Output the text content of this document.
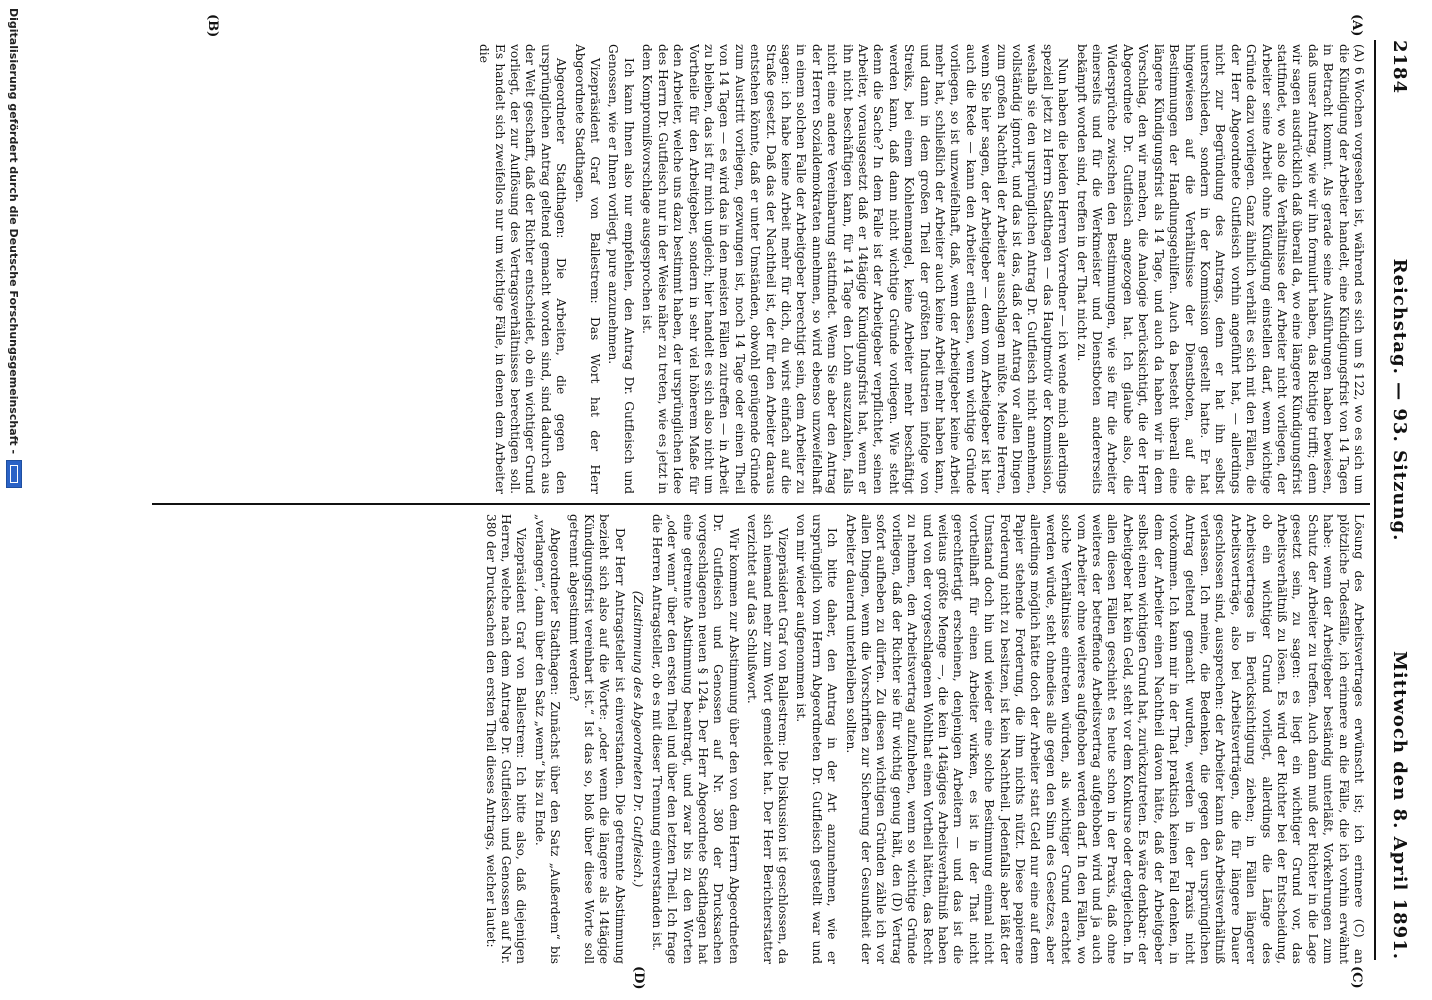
2184
Reichstag. — 93. Sitzung.
Mittwoch den 8. April 1891.
(A)
(B)
(C)
(D)

(A) 6 Wochen vorgesehen ist, während es sich um § 122, wo es sich um die Kündigung der Arbeiter handelt, eine Kündigungsfrist von 14 Tagen in Betracht kommt. Als gerade seine Ausführungen haben bewiesen, daß unser Antrag, wie wir ihn formulirt haben, das Richtige trifft; denn wir sagen ausdrücklich daß überall da, wo eine längere Kündigungsfrist stattfindet, wo also die Verhältnisse der Arbeiter nicht vorliegen, der Arbeiter seine Arbeit ohne Kündigung einstellen darf, wenn wichtige Gründe dazu vorliegen. Ganz ähnlich verhält es sich mit den Fällen, die der Herr Abgeordnete Gutfleisch vorhin angeführt hat, — allerdings nicht zur Begründung des Antrags, denn er hat ihn selbst unterschieden, sondern in der Kommission gestellt hatte. Er hat hingewiesen auf die Verhältnisse der Dienstboten, auf die Bestimmungen der Handlungsgehilfen. Auch da besteht überall eine längere Kündigungsfrist als 14 Tage, und auch da haben wir in dem Vorschlag, den wir machen, die Analogie berücksichtigt, die der Herr Abgeordnete Dr. Gutfleisch angezogen hat. Ich glaube also, die Widersprüche zwischen den Bestimmungen, wie sie für die Arbeiter einerseits und für die Werkmeister und Dienstboten andererseits bekämpft worden sind, treffen in der That nicht zu.

Nun haben die beiden Herren Vorredner — ich wende mich allerdings speziell jetzt zu Herrn Stadthagen — das Hauptmotiv der Kommission, weshalb sie den ursprünglichen Antrag Dr. Gutfleisch nicht annehmen, vollständig ignorirt, und das ist das, daß der Antrag vor allen Dingen zum großen Nachtheil der Arbeiter ausschlagen müßte. Meine Herren, wenn Sie hier sagen, der Arbeitgeber — denn vom Arbeitgeber ist hier auch die Rede — kann den Arbeiter entlassen, wenn wichtige Gründe vorliegen, so ist unzweifelhaft, daß, wenn der Arbeitgeber keine Arbeit mehr hat, schließlich der Arbeiter auch keine Arbeit mehr haben kann, und dann in dem großen Theil der größten Industrien infolge von Streiks, bei einem Kohlenmangel, keine Arbeiter mehr beschäftigt werden kann, daß dann nicht wichtige Gründe vorliegen. Wie steht denn die Sache? In dem Falle ist der Arbeitgeber verpflichtet, seinen Arbeiter, vorausgesetzt daß er 14tägige Kündigungsfrist hat, wenn er ihn nicht beschäftigen kann, für 14 Tage den Lohn auszuzahlen, falls nicht eine andere Vereinbarung stattfindet. Wenn Sie aber den Antrag der Herren Sozialdemokraten annehmen, so wird ebenso unzweifelhaft in einem solchen Falle der Arbeitgeber berechtigt sein, dem Arbeiter zu sagen: ich habe keine Arbeit mehr für dich, du wirst einfach auf die Straße gesetzt. Daß das der Nachtheil ist, der für den Arbeiter daraus entstehen könnte, daß er unter Umständen, obwohl genügende Gründe zum Austritt vorliegen, gezwungen ist, noch 14 Tage oder einen Theil von 14 Tagen — es wird das in den meisten Fällen zutreffen — in Arbeit zu bleiben, das ist für mich ungleich; hier handelt es sich also nicht um Vortheile für den Arbeitgeber, sondern in sehr viel höherem Maße für den Arbeiter, welche uns dazu bestimmt haben, der ursprünglichen Idee des Herrn Dr. Gutfleisch nur in der Weise näher zu treten, wie es jetzt in dem Kompromißvorschlage ausgesprochen ist.

Ich kann Ihnen also nur empfehlen, den Antrag Dr. Gutfleisch und Genossen, wie er Ihnen vorliegt, pure anzunehmen.

Vizepräsident Graf von Ballestrem: Das Wort hat der Herr Abgeordnete Stadthagen.

Abgeordneter Stadthagen: Die Arbeiten, die gegen den ursprünglichen Antrag geltend gemacht worden sind, sind dadurch aus der Welt geschafft, daß der Richter entscheidet, ob ein wichtiger Grund vorliegt, der zur Auflösung des Vertragsverhältnisses berechtigen soll. Es handelt sich zweifellos nur um wichtige Fälle, in denen dem Arbeiter die

Lösung des Arbeitsvertrages erwünscht ist; ich erinnere (C) an plötzliche Todesfälle, ich erinnere an die Fälle, die ich vorhin erwähnt habe: wenn der Arbeitgeber beständig unterläßt, Vorkehrungen zum Schutz der Arbeiter zu treffen. Auch dann muß der Richter in die Lage gesetzt sein, zu sagen: es liegt ein wichtiger Grund vor, das Arbeitsverhältniß zu lösen. Es wird der Richter bei der Entscheidung, ob ein wichtiger Grund vorliegt, allerdings die Länge des Arbeitsvertrages in Berücksichtigung ziehen; in Fällen längerer Arbeitsverträge, also bei Arbeitsverträgen, die für längere Dauer geschlossen sind, aussprechen: der Arbeiter kann das Arbeitsverhältniß verlassen. Ich meine, die Bedenken, die gegen den ursprünglichen Antrag geltend gemacht wurden, werden in der Praxis nicht vorkommen. Ich kann mir in der That praktisch keinen Fall denken, in dem der Arbeiter einen Nachtheil davon hätte, daß der Arbeitgeber selbst einen wichtigen Grund hat, zurückzutreten. Es wäre denkbar: der Arbeitgeber hat kein Geld, steht vor dem Konkurse oder dergleichen. In allen diesen Fällen geschieht es heute schon in der Praxis, daß ohne weiteres der betreffende Arbeitsvertrag aufgehoben wird und ja auch vom Arbeiter ohne weiteres aufgehoben werden darf. In den Fällen, wo solche Verhältnisse eintreten würden, als wichtiger Grund erachtet werden würde, steht ohnedies alle gegen den Sinn des Gesetzes, aber allerdings möglich hätte doch der Arbeiter statt Geld nur eine auf dem Papier stehende Forderung, die ihm nichts nützt. Diese papierene Forderung nicht zu besitzen, ist kein Nachtheil. Jedenfalls aber läßt der Umstand doch hin und wieder eine solche Bestimmung einmal nicht vortheilhaft für einen Arbeiter wirken, es ist in der That nicht gerechtfertigt erscheinen, denjenigen Arbeitern — und das ist die weitaus größte Menge —, die kein 14tägiges Arbeitsverhältniß haben und von der vorgeschlagenen Wohlthat einen Vortheil hätten, das Recht zu nehmen, den Arbeitsvertrag aufzuheben, wenn so wichtige Gründe vorliegen, daß der Richter sie für wichtig genug hält, den (D) Vertrag sofort aufheben zu dürfen. Zu diesen wichtigen Gründen zähle ich vor allen Dingen, wenn die Vorschriften zur Sicherung der Gesundheit der Arbeiter dauernd unterbleiben sollten.

Ich bitte daher, den Antrag in der Art anzunehmen, wie er ursprünglich vom Herrn Abgeordneten Dr. Gutfleisch gestellt war und von mir wieder aufgenommen ist.

Vizepräsident Graf von Ballestrem: Die Diskussion ist geschlossen, da sich niemand mehr zum Wort gemeldet hat. Der Herr Berichterstatter verzichtet auf das Schlußwort.

Wir kommen zur Abstimmung über den von dem Herrn Abgeordneten Dr. Gutfleisch und Genossen auf Nr. 380 der Drucksachen vorgeschlagenen neuen § 124a. Der Herr Abgeordnete Stadthagen hat eine getrennte Abstimmung beantragt, und zwar bis zu den Worten „oder wenn“ über den ersten Theil und über den letzten Theil. Ich frage die Herren Antragsteller, ob es mit dieser Trennung einverstanden ist.

(Zustimmung des Abgeordneten Dr. Gutfleisch.)

Der Herr Antragsteller ist einverstanden. Die getrennte Abstimmung bezieht sich also auf die Worte: „oder wenn die längere als 14tägige Kündigungsfrist vereinbart ist.“ Ist das so, bloß über diese Worte soll getrennt abgestimmt werden?

Abgeordneter Stadthagen: Zunächst über den Satz „Außerdem“ bis „verlangen“, dann über den Satz „wenn“ bis zu Ende.

Vizepräsident Graf von Ballestrem: Ich bitte also, daß diejenigen Herren, welche nach dem Antrage Dr. Gutfleisch und Genossen auf Nr. 380 der Drucksachen den ersten Theil dieses Antrags, welcher lautet:

Digitalisierung gefördert durch die Deutsche Forschungsgemeinschaft -
